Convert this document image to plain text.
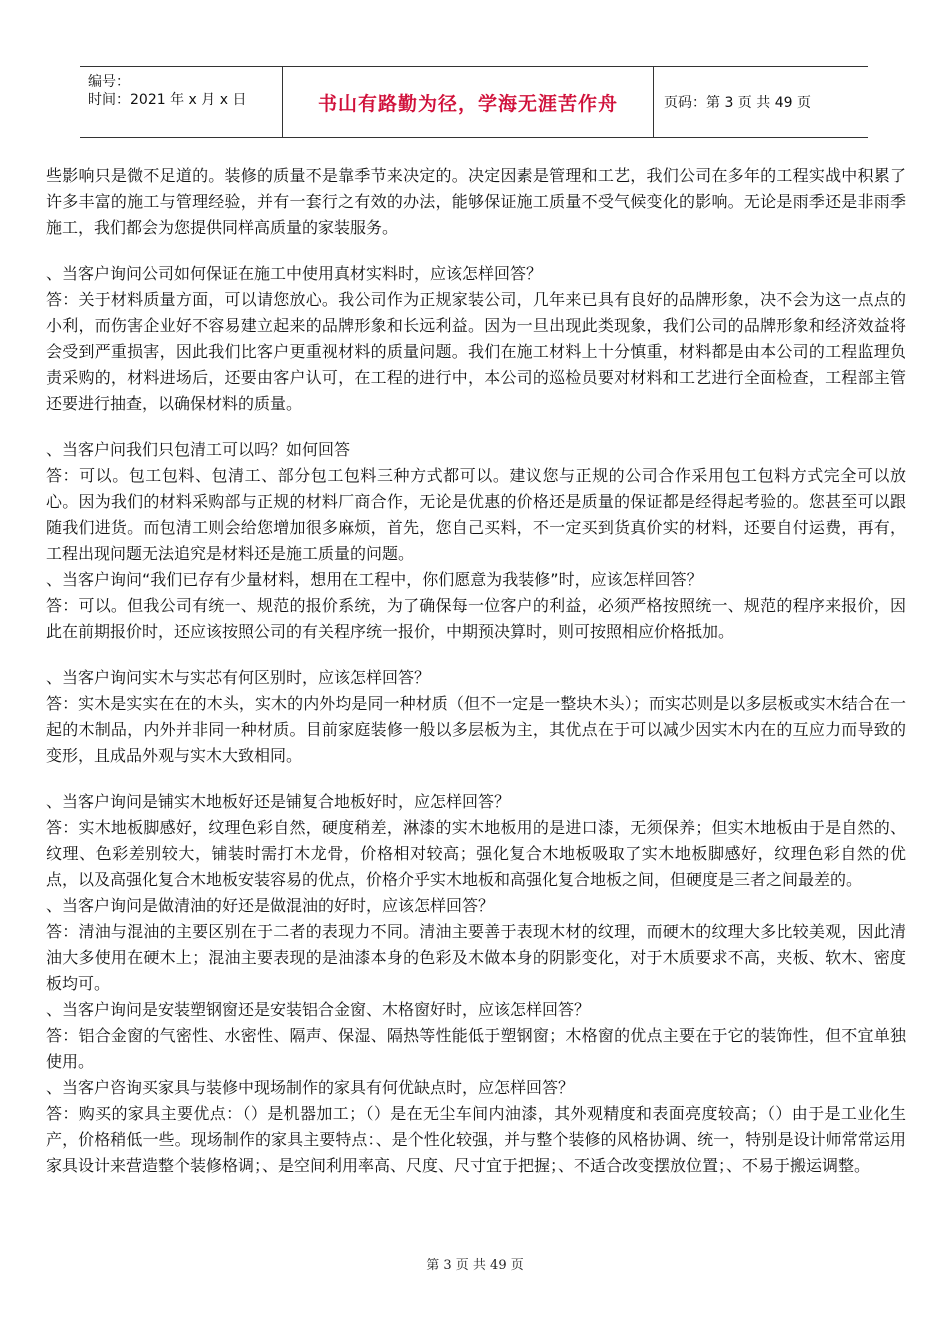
编号：
时间：2021 年 x 月 x 日	书山有路勤为径，学海无涯苦作舟	页码：第 3 页 共 49 页

些影响只是微不足道的。装修的质量不是靠季节来决定的。决定因素是管理和工艺，我们公司在多年的工程实战中积累了许多丰富的施工与管理经验，并有一套行之有效的办法，能够保证施工质量不受气候变化的影响。无论是雨季还是非雨季施工，我们都会为您提供同样高质量的家装服务。

、当客户询问公司如何保证在施工中使用真材实料时，应该怎样回答？

答：关于材料质量方面，可以请您放心。我公司作为正规家装公司，几年来已具有良好的品牌形象，决不会为这一点点的小利，而伤害企业好不容易建立起来的品牌形象和长远利益。因为一旦出现此类现象，我们公司的品牌形象和经济效益将会受到严重损害，因此我们比客户更重视材料的质量问题。我们在施工材料上十分慎重，材料都是由本公司的工程监理负责采购的，材料进场后，还要由客户认可，在工程的进行中，本公司的巡检员要对材料和工艺进行全面检查，工程部主管还要进行抽查，以确保材料的质量。

、当客户问我们只包清工可以吗？如何回答

答：可以。包工包料、包清工、部分包工包料三种方式都可以。建议您与正规的公司合作采用包工包料方式完全可以放心。因为我们的材料采购部与正规的材料厂商合作，无论是优惠的价格还是质量的保证都是经得起考验的。您甚至可以跟随我们进货。而包清工则会给您增加很多麻烦，首先，您自己买料，不一定买到货真价实的材料，还要自付运费，再有，工程出现问题无法追究是材料还是施工质量的问题。

、当客户询问“我们已存有少量材料，想用在工程中，你们愿意为我装修”时，应该怎样回答？

答：可以。但我公司有统一、规范的报价系统，为了确保每一位客户的利益，必须严格按照统一、规范的程序来报价，因此在前期报价时，还应该按照公司的有关程序统一报价，中期预决算时，则可按照相应价格抵加。

、当客户询问实木与实芯有何区别时，应该怎样回答？

答：实木是实实在在的木头，实木的内外均是同一种材质（但不一定是一整块木头）；而实芯则是以多层板或实木结合在一起的木制品，内外并非同一种材质。目前家庭装修一般以多层板为主，其优点在于可以减少因实木内在的互应力而导致的变形，且成品外观与实木大致相同。

、当客户询问是铺实木地板好还是铺复合地板好时，应怎样回答？

答：实木地板脚感好，纹理色彩自然，硬度稍差，淋漆的实木地板用的是进口漆，无须保养；但实木地板由于是自然的、纹理、色彩差别较大，铺装时需打木龙骨，价格相对较高；强化复合木地板吸取了实木地板脚感好，纹理色彩自然的优点，以及高强化复合木地板安装容易的优点，价格介乎实木地板和高强化复合地板之间，但硬度是三者之间最差的。

、当客户询问是做清油的好还是做混油的好时，应该怎样回答？

答：清油与混油的主要区别在于二者的表现力不同。清油主要善于表现木材的纹理，而硬木的纹理大多比较美观，因此清油大多使用在硬木上；混油主要表现的是油漆本身的色彩及木做本身的阴影变化，对于木质要求不高，夹板、软木、密度板均可。

、当客户询问是安装塑钢窗还是安装铝合金窗、木格窗好时，应该怎样回答？

答：铝合金窗的气密性、水密性、隔声、保湿、隔热等性能低于塑钢窗；木格窗的优点主要在于它的装饰性，但不宜单独使用。

、当客户咨询买家具与装修中现场制作的家具有何优缺点时，应怎样回答？

答：购买的家具主要优点：（）是机器加工；（）是在无尘车间内油漆，其外观精度和表面亮度较高；（）由于是工业化生产，价格稍低一些。现场制作的家具主要特点：、是个性化较强，并与整个装修的风格协调、统一，特别是设计师常常运用家具设计来营造整个装修格调；、是空间利用率高、尺度、尺寸宜于把握；、不适合改变摆放位置；、不易于搬运调整。

第 3 页 共 49 页
